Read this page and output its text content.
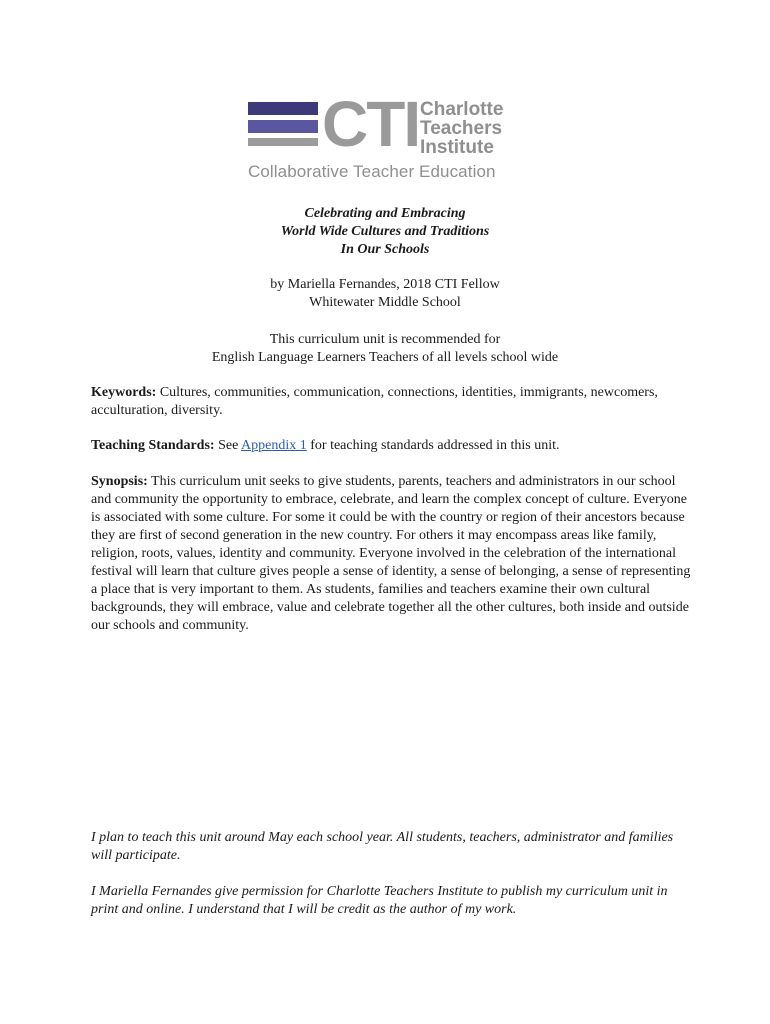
CTI Charlotte
Teachers
Institute
Collaborative Teacher Education
Celebrating and Embracing
World Wide Cultures and Traditions
In Our Schools
by Mariella Fernandes, 2018 CTI Fellow
Whitewater Middle School
This curriculum unit is recommended for
English Language Learners Teachers of all levels school wide
Keywords: Cultures, communities, communication, connections, identities, immigrants, newcomers, acculturation, diversity.
Teaching Standards: See Appendix 1 for teaching standards addressed in this unit.
Synopsis: This curriculum unit seeks to give students, parents, teachers and administrators in our school and community the opportunity to embrace, celebrate, and learn the complex concept of culture. Everyone is associated with some culture. For some it could be with the country or region of their ancestors because they are first of second generation in the new country. For others it may encompass areas like family, religion, roots, values, identity and community. Everyone involved in the celebration of the international festival will learn that culture gives people a sense of identity, a sense of belonging, a sense of representing a place that is very important to them. As students, families and teachers examine their own cultural backgrounds, they will embrace, value and celebrate together all the other cultures, both inside and outside our schools and community.
I plan to teach this unit around May each school year. All students, teachers, administrator and families will participate.
I Mariella Fernandes give permission for Charlotte Teachers Institute to publish my curriculum unit in print and online. I understand that I will be credit as the author of my work.
